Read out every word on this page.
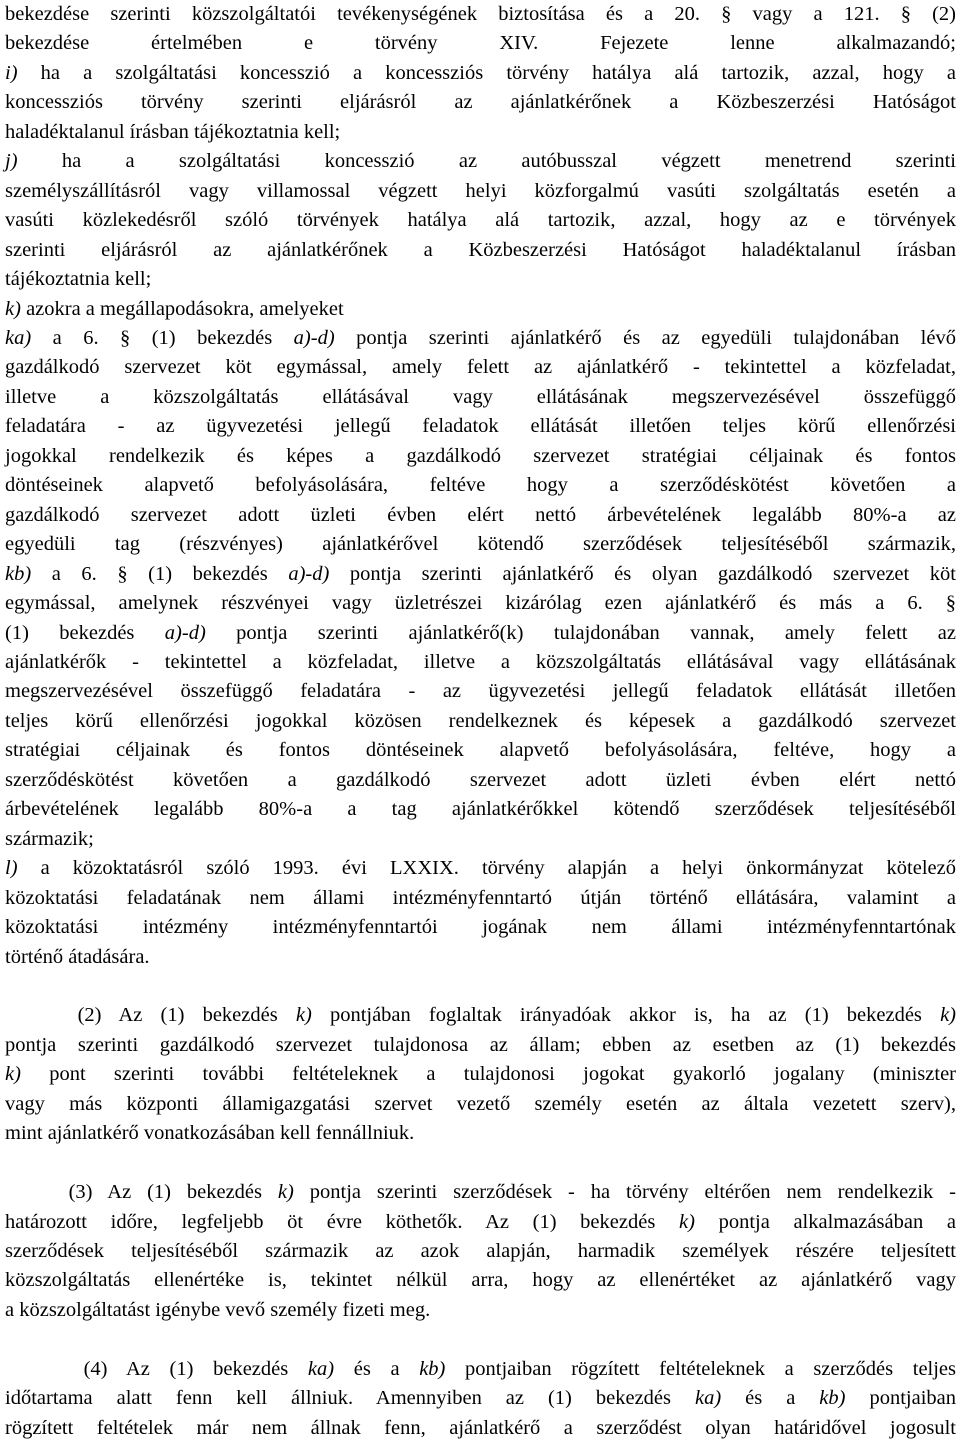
bekezdése szerinti közszolgáltatói tevékenységének biztosítása és a 20. § vagy a 121. § (2)
bekezdése értelmében e törvény XIV. Fejezete lenne alkalmazandó;
i) ha a szolgáltatási koncesszió a koncessziós törvény hatálya alá tartozik, azzal, hogy a
koncessziós törvény szerinti eljárásról az ajánlatkérőnek a Közbeszerzési Hatóságot
haladéktalanul írásban tájékoztatnia kell;
j) ha a szolgáltatási koncesszió az autóbusszal végzett menetrend szerinti
személyszállításról vagy villamossal végzett helyi közforgalmú vasúti szolgáltatás esetén a
vasúti közlekedésről szóló törvények hatálya alá tartozik, azzal, hogy az e törvények
szerinti eljárásról az ajánlatkérőnek a Közbeszerzési Hatóságot haladéktalanul írásban
tájékoztatnia kell;
k) azokra a megállapodásokra, amelyeket
ka) a 6. § (1) bekezdés a)-d) pontja szerinti ajánlatkérő és az egyedüli tulajdonában lévő
gazdálkodó szervezet köt egymással, amely felett az ajánlatkérő - tekintettel a közfeladat,
illetve a közszolgáltatás ellátásával vagy ellátásának megszervezésével összefüggő
feladatára - az ügyvezetési jellegű feladatok ellátását illetően teljes körű ellenőrzési
jogokkal rendelkezik és képes a gazdálkodó szervezet stratégiai céljainak és fontos
döntéseinek alapvető befolyásolására, feltéve hogy a szerződéskötést követően a
gazdálkodó szervezet adott üzleti évben elért nettó árbevételének legalább 80%-a az
egyedüli tag (részvényes) ajánlatkérővel kötendő szerződések teljesítéséből származik,
kb) a 6. § (1) bekezdés a)-d) pontja szerinti ajánlatkérő és olyan gazdálkodó szervezet köt
egymással, amelynek részvényei vagy üzletrészei kizárólag ezen ajánlatkérő és más a 6. §
(1) bekezdés a)-d) pontja szerinti ajánlatkérő(k) tulajdonában vannak, amely felett az
ajánlatkérők - tekintettel a közfeladat, illetve a közszolgáltatás ellátásával vagy ellátásának
megszervezésével összefüggő feladatára - az ügyvezetési jellegű feladatok ellátását illetően
teljes körű ellenőrzési jogokkal közösen rendelkeznek és képesek a gazdálkodó szervezet
stratégiai céljainak és fontos döntéseinek alapvető befolyásolására, feltéve, hogy a
szerződéskötést követően a gazdálkodó szervezet adott üzleti évben elért nettó
árbevételének legalább 80%-a a tag ajánlatkérőkkel kötendő szerződések teljesítéséből
származik;
l) a közoktatásról szóló 1993. évi LXXIX. törvény alapján a helyi önkormányzat kötelező
közoktatási feladatának nem állami intézményfenntartó útján történő ellátására, valamint a
közoktatási intézmény intézményfenntartói jogának nem állami intézményfenntartónak
történő átadására.
(2) Az (1) bekezdés k) pontjában foglaltak irányadóak akkor is, ha az (1) bekezdés k)
pontja szerinti gazdálkodó szervezet tulajdonosa az állam; ebben az esetben az (1) bekezdés
k) pont szerinti további feltételeknek a tulajdonosi jogokat gyakorló jogalany (miniszter
vagy más központi államigazgatási szervet vezető személy esetén az általa vezetett szerv),
mint ajánlatkérő vonatkozásában kell fennállniuk.
(3) Az (1) bekezdés k) pontja szerinti szerződések - ha törvény eltérően nem rendelkezik -
határozott időre, legfeljebb öt évre köthetők. Az (1) bekezdés k) pontja alkalmazásában a
szerződések teljesítéséből származik az azok alapján, harmadik személyek részére teljesített
közszolgáltatás ellenértéke is, tekintet nélkül arra, hogy az ellenértéket az ajánlatkérő vagy
a közszolgáltatást igénybe vevő személy fizeti meg.
(4) Az (1) bekezdés ka) és a kb) pontjaiban rögzített feltételeknek a szerződés teljes
időtartama alatt fenn kell állniuk. Amennyiben az (1) bekezdés ka) és a kb) pontjaiban
rögzített feltételek már nem állnak fenn, ajánlatkérő a szerződést olyan határidővel jogosult
